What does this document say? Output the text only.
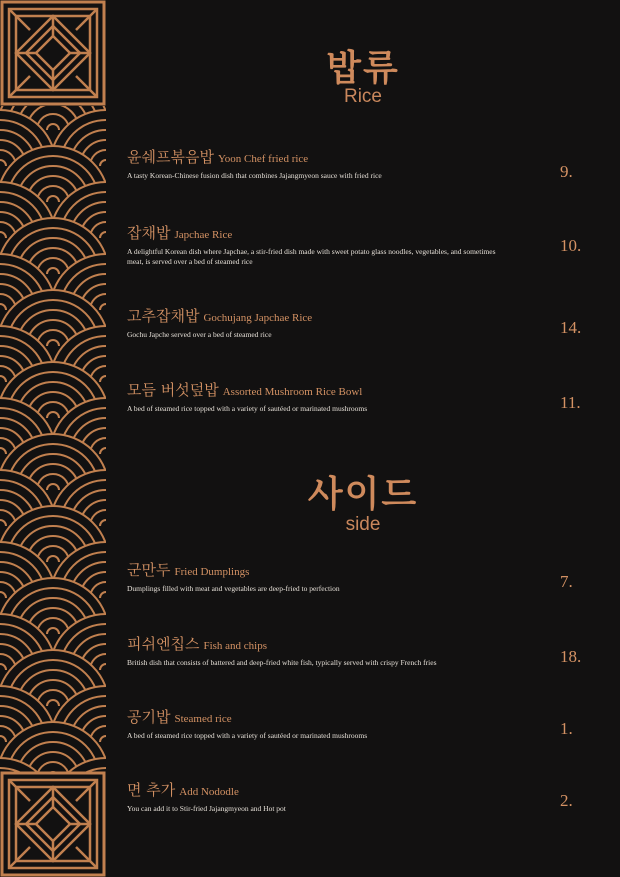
밥류
Rice
윤쉐프볶음밥 Yoon Chef fried rice
A tasty Korean-Chinese fusion dish that combines Jajangmyeon sauce with fried rice	9.
잡채밥 Japchae Rice
A delightful Korean dish where Japchae, a stir-fried dish made with sweet potato glass noodles, vegetables, and sometimes meat, is served over a bed of steamed rice
10.
고추잡채밥 Gochujang Japchae Rice
Gochu Japche served over a bed of steamed rice	14.
모듬 버섯덮밥 Assorted Mushroom Rice Bowl
A bed of steamed rice topped with a variety of sautéed or marinated mushrooms	11.
사이드
side
군만두 Fried Dumplings
Dumplings filled with meat and vegetables are deep-fried to perfection	7.
피쉬엔칩스 Fish and chips
British dish that consists of battered and deep-fried white fish, typically served with crispy French fries	18.
공기밥 Steamed rice
A bed of steamed rice topped with a variety of sautéed or marinated mushrooms	1.
면 추가 Add Nododle
You can add it to Stir-fried Jajangmyeon and Hot pot	2.
